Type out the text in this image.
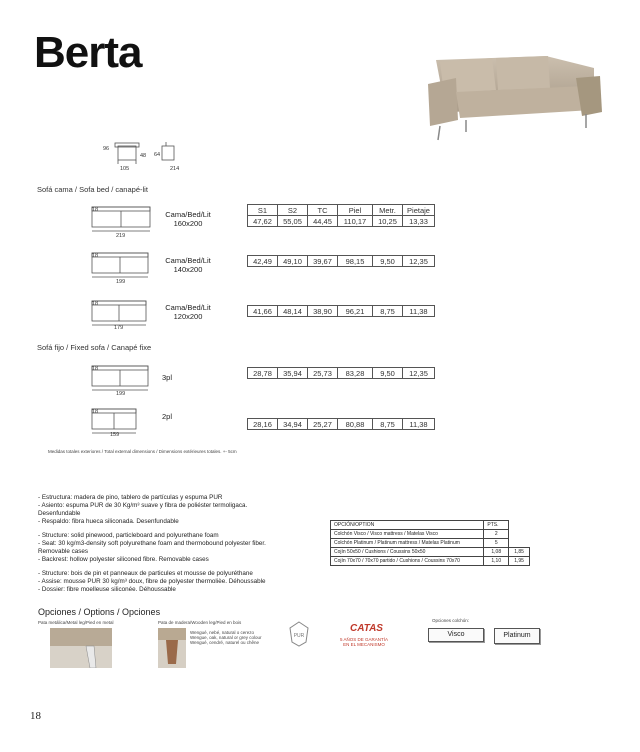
Berta
96
48
105
64
214
Sofá cama / Sofa bed / canapé-lit
18
219
Cama/Bed/Lit
160x200
S1	S2	TC	Piel	Metr.	Pietaje
47,62	55,05	44,45	110,17	10,25	13,33
18
199
Cama/Bed/Lit
140x200
42,49	49,10	39,67	98,15	9,50	12,35
18
179
Cama/Bed/Lit
120x200
41,66	48,14	38,90	96,21	8,75	11,38
Sofá fijo / Fixed sofa / Canapé fixe
18
199
3pl	28,78	35,94	25,73	83,28	9,50	12,35
18
159
2pl
28,16	34,94	25,27	80,88	8,75	11,38
Medidas totales exteriores / Total external dimensions / Dimensions extérieures totales. +- 5cm
- Estructura: madera de pino, tablero de partículas y espuma PUR
- Asiento: espuma PUR de 30 Kg/m³ suave y fibra de poliéster termoligaca.
Desenfundable
- Respaldo: fibra hueca siliconada. Desenfundable

- Structure: solid pinewood, particleboard and polyurethane foam
- Seat: 30 kg/m3-density soft polyurethane foam and thermobound polyester fiber.
Removable cases
- Backrest: hollow polyester siliconed fibre. Removable cases

- Structure: bois de pin et panneaux de particules et mousse de polyuréthane
- Assise: mousse PUR 30 kg/m³ doux, fibre de polyester thermolièe. Déhoussable
- Dossier: fibre moelleuse siliconée. Déhoussable
OPCIÓN/OPTION	PTS.	
Colchón Visco / Visco mattress / Matelas Visco	2	
Colchón Platinum / Platinum mattress / Matelas Platinum	5	
Cojín 50x50 / Cushions / Coussins 50x50	1,08	1,85
Cojín 70x70 / 70x70 partido / Cushions / Coussins 70x70	1,10	1,95
Opciones / Options / Opciones
Pata metálica/Metal leg/Pied en metal	Pata de madera/Wooden leg/Pied en bois
Wengué, nebé, natural o cerezo
Wengue, oak, natural or grey colour
Wengué, cendré, naturel ou chêne
PUR
CATAS
5 AÑOS DE GARANTÍA
EN EL MECANISMO
Opciones colchón:
Visco	Platinum
18
